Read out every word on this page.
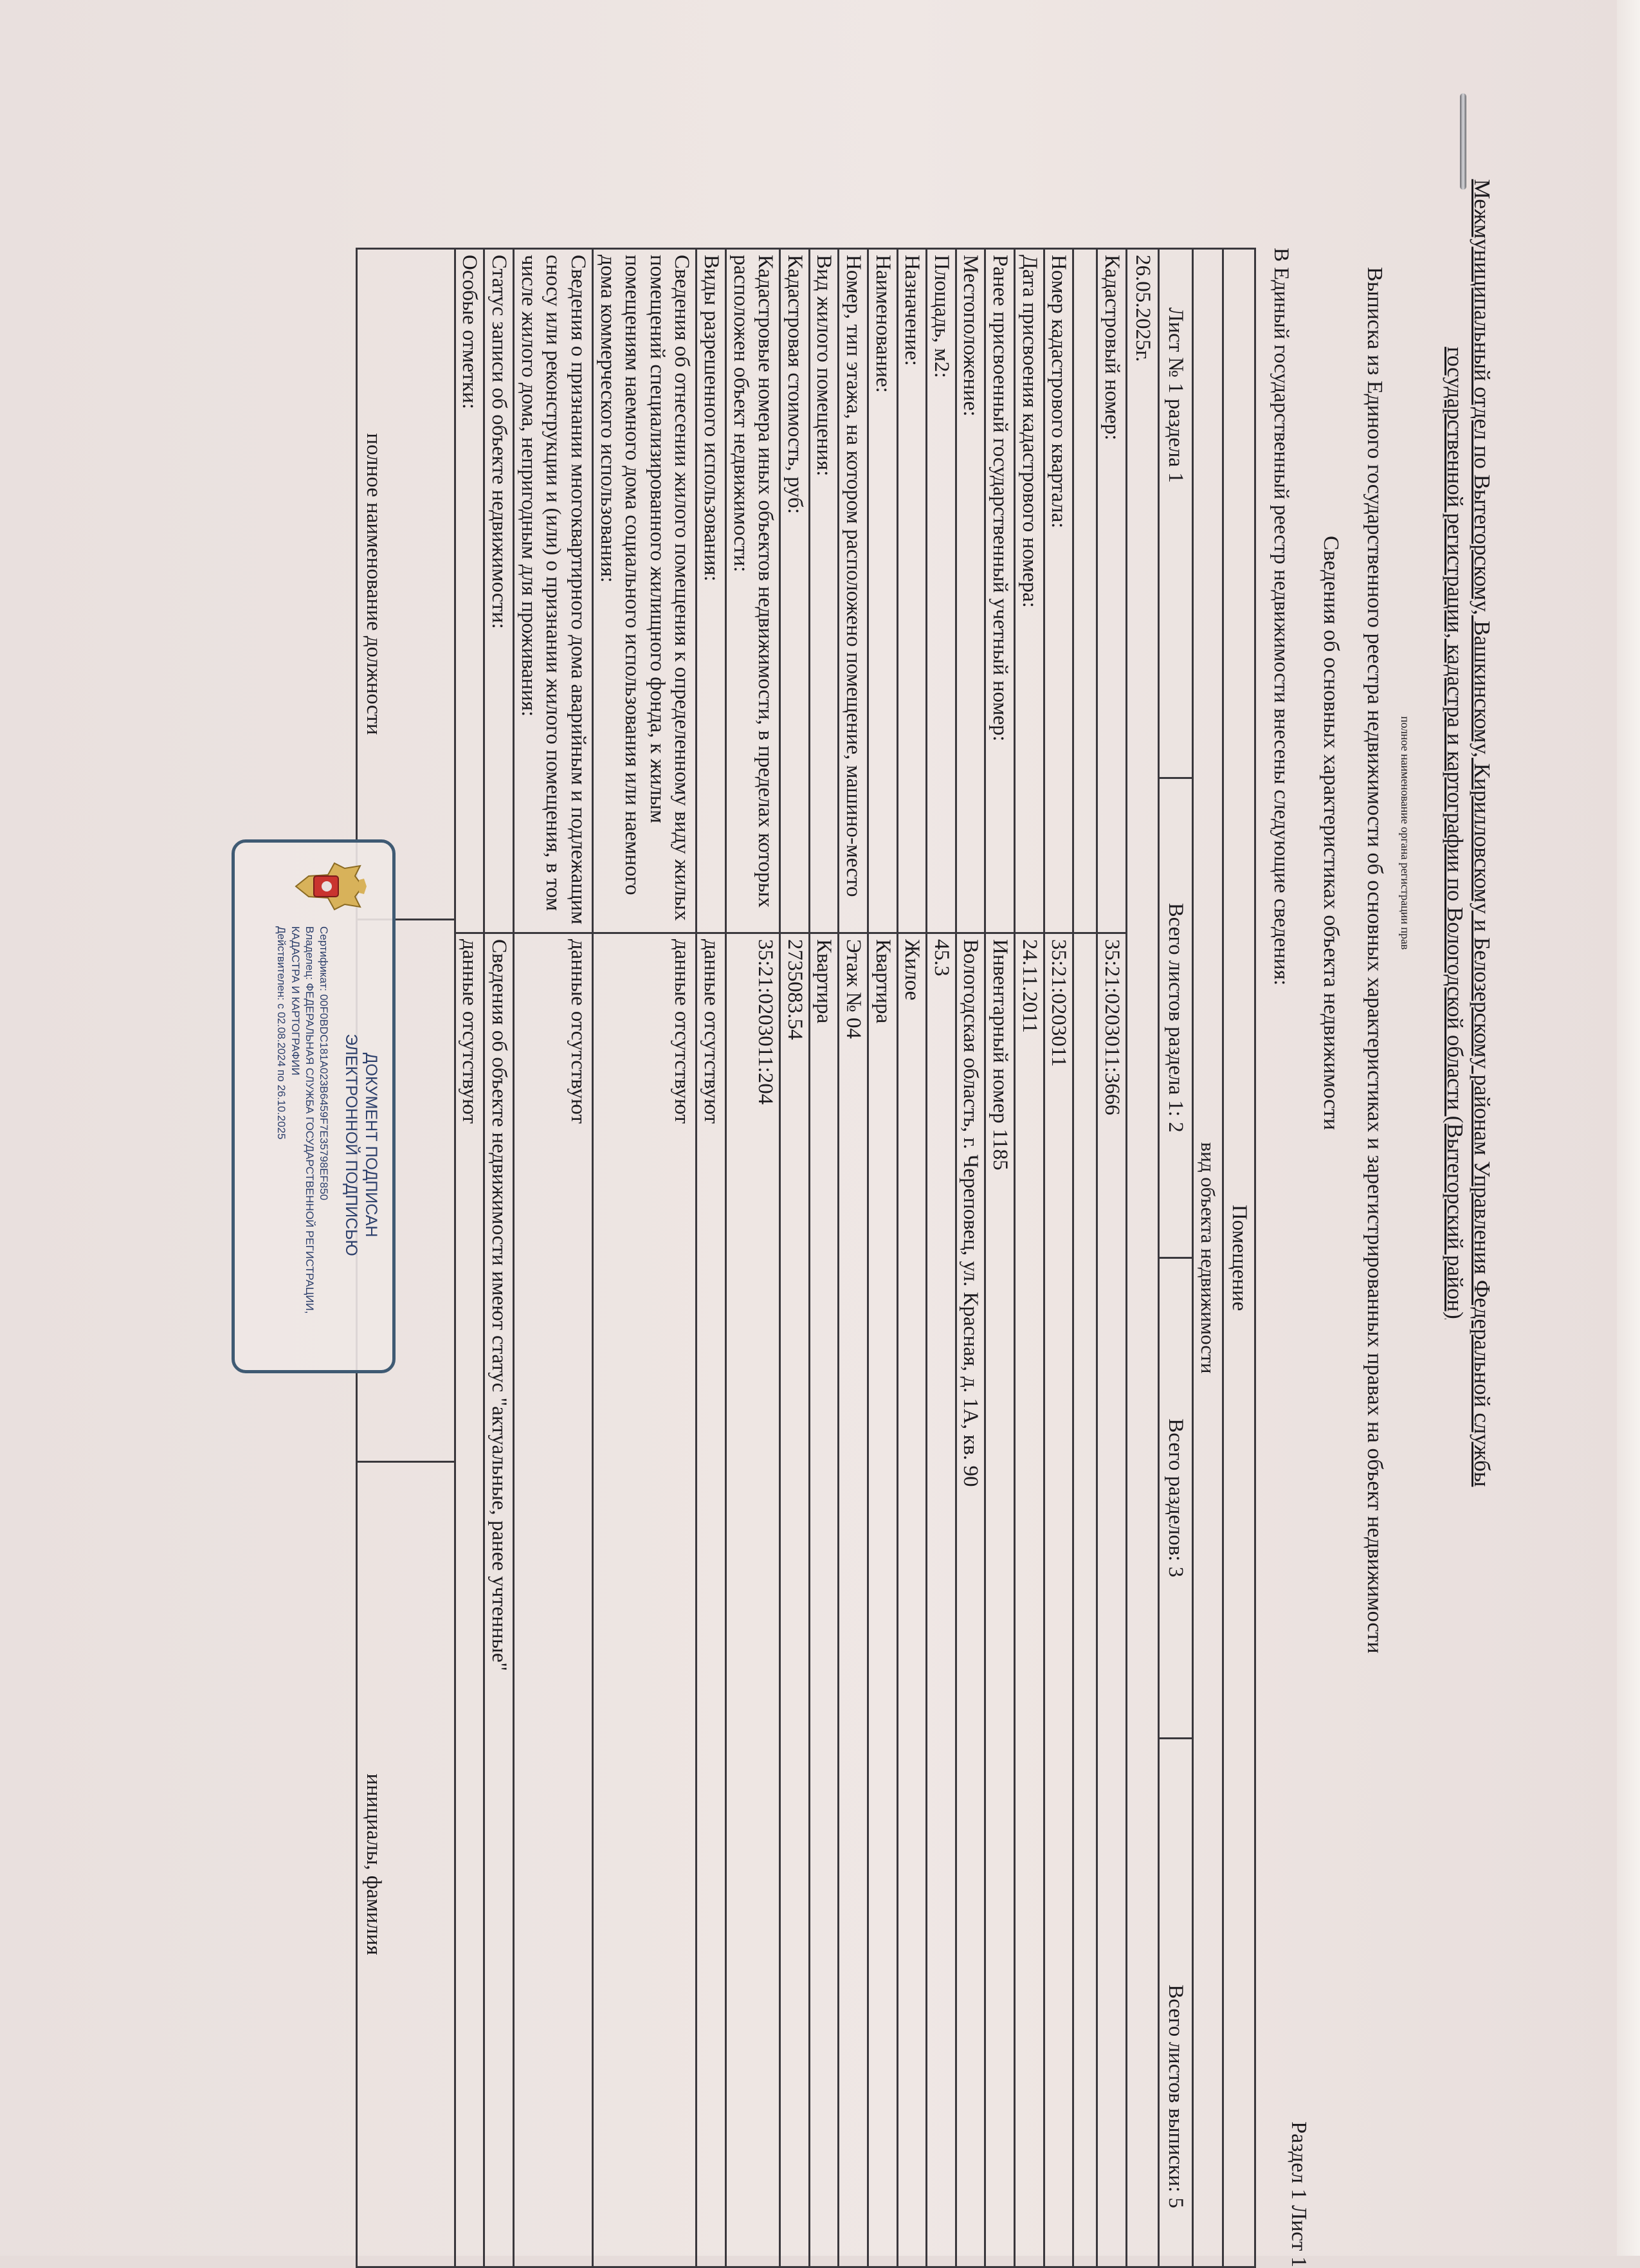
Межмуниципальный отдел по Вытегорскому, Вашкинскому, Кирилловскому и Белозерскому районам Управления Федеральной службы государственной регистрации, кадастра и картографии по Вологодской области (Вытегорский район)
полное наименование органа регистрации прав
Выписка из Единого государственного реестра недвижимости об основных характеристиках и зарегистрированных правах на объект недвижимости
Сведения об основных характеристиках объекта недвижимости
Раздел 1 Лист 1
В Единый государственный реестр недвижимости внесены следующие сведения:
Помещение
вид объекта недвижимости
Лист № 1 раздела 1
Всего листов раздела 1: 2
Всего разделов: 3
Всего листов выписки: 5
26.05.2025г.
Кадастровый номер:
35:21:0203011:3666
Номер кадастрового квартала:
35:21:0203011
Дата присвоения кадастрового номера:
24.11.2011
Ранее присвоенный государственный учетный номер:
Инвентарный номер 1185
Местоположение:
Вологодская область, г. Череповец, ул. Красная, д. 1А, кв. 90
Площадь, м2:
45.3
Назначение:
Жилое
Наименование:
Квартира
Номер, тип этажа, на котором расположено помещение, машино-место
Этаж № 04
Вид жилого помещения:
Квартира
Кадастровая стоимость, руб:
2735083.54
Кадастровые номера иных объектов недвижимости, в пределах которых расположен объект недвижимости:
35:21:0203011:204
Виды разрешенного использования:
данные отсутствуют
Сведения об отнесении жилого помещения к определенному виду жилых помещений специализированного жилищного фонда, к жилым помещениям наемного дома социального использования или наемного дома коммерческого использования:
данные отсутствуют
Сведения о признании многоквартирного дома аварийным и подлежащим сносу или реконструкции и (или) о признании жилого помещения, в том числе жилого дома, непригодным для проживания:
данные отсутствуют
Статус записи об объекте недвижимости:
Сведения об объекте недвижимости имеют статус "актуальные, ранее учтенные"
Особые отметки:
данные отсутствуют
полное наименование должности
инициалы, фамилия
ДОКУМЕНТ ПОДПИСАН
ЭЛЕКТРОННОЙ ПОДПИСЬЮ
Сертификат: 00F0BDC181A023B6459F7E35798EF850
Владелец: ФЕДЕРАЛЬНАЯ СЛУЖБА ГОСУДАРСТВЕННОЙ РЕГИСТРАЦИИ, КАДАСТРА И КАРТОГРАФИИ
Действителен: с 02.08.2024 по 26.10.2025
